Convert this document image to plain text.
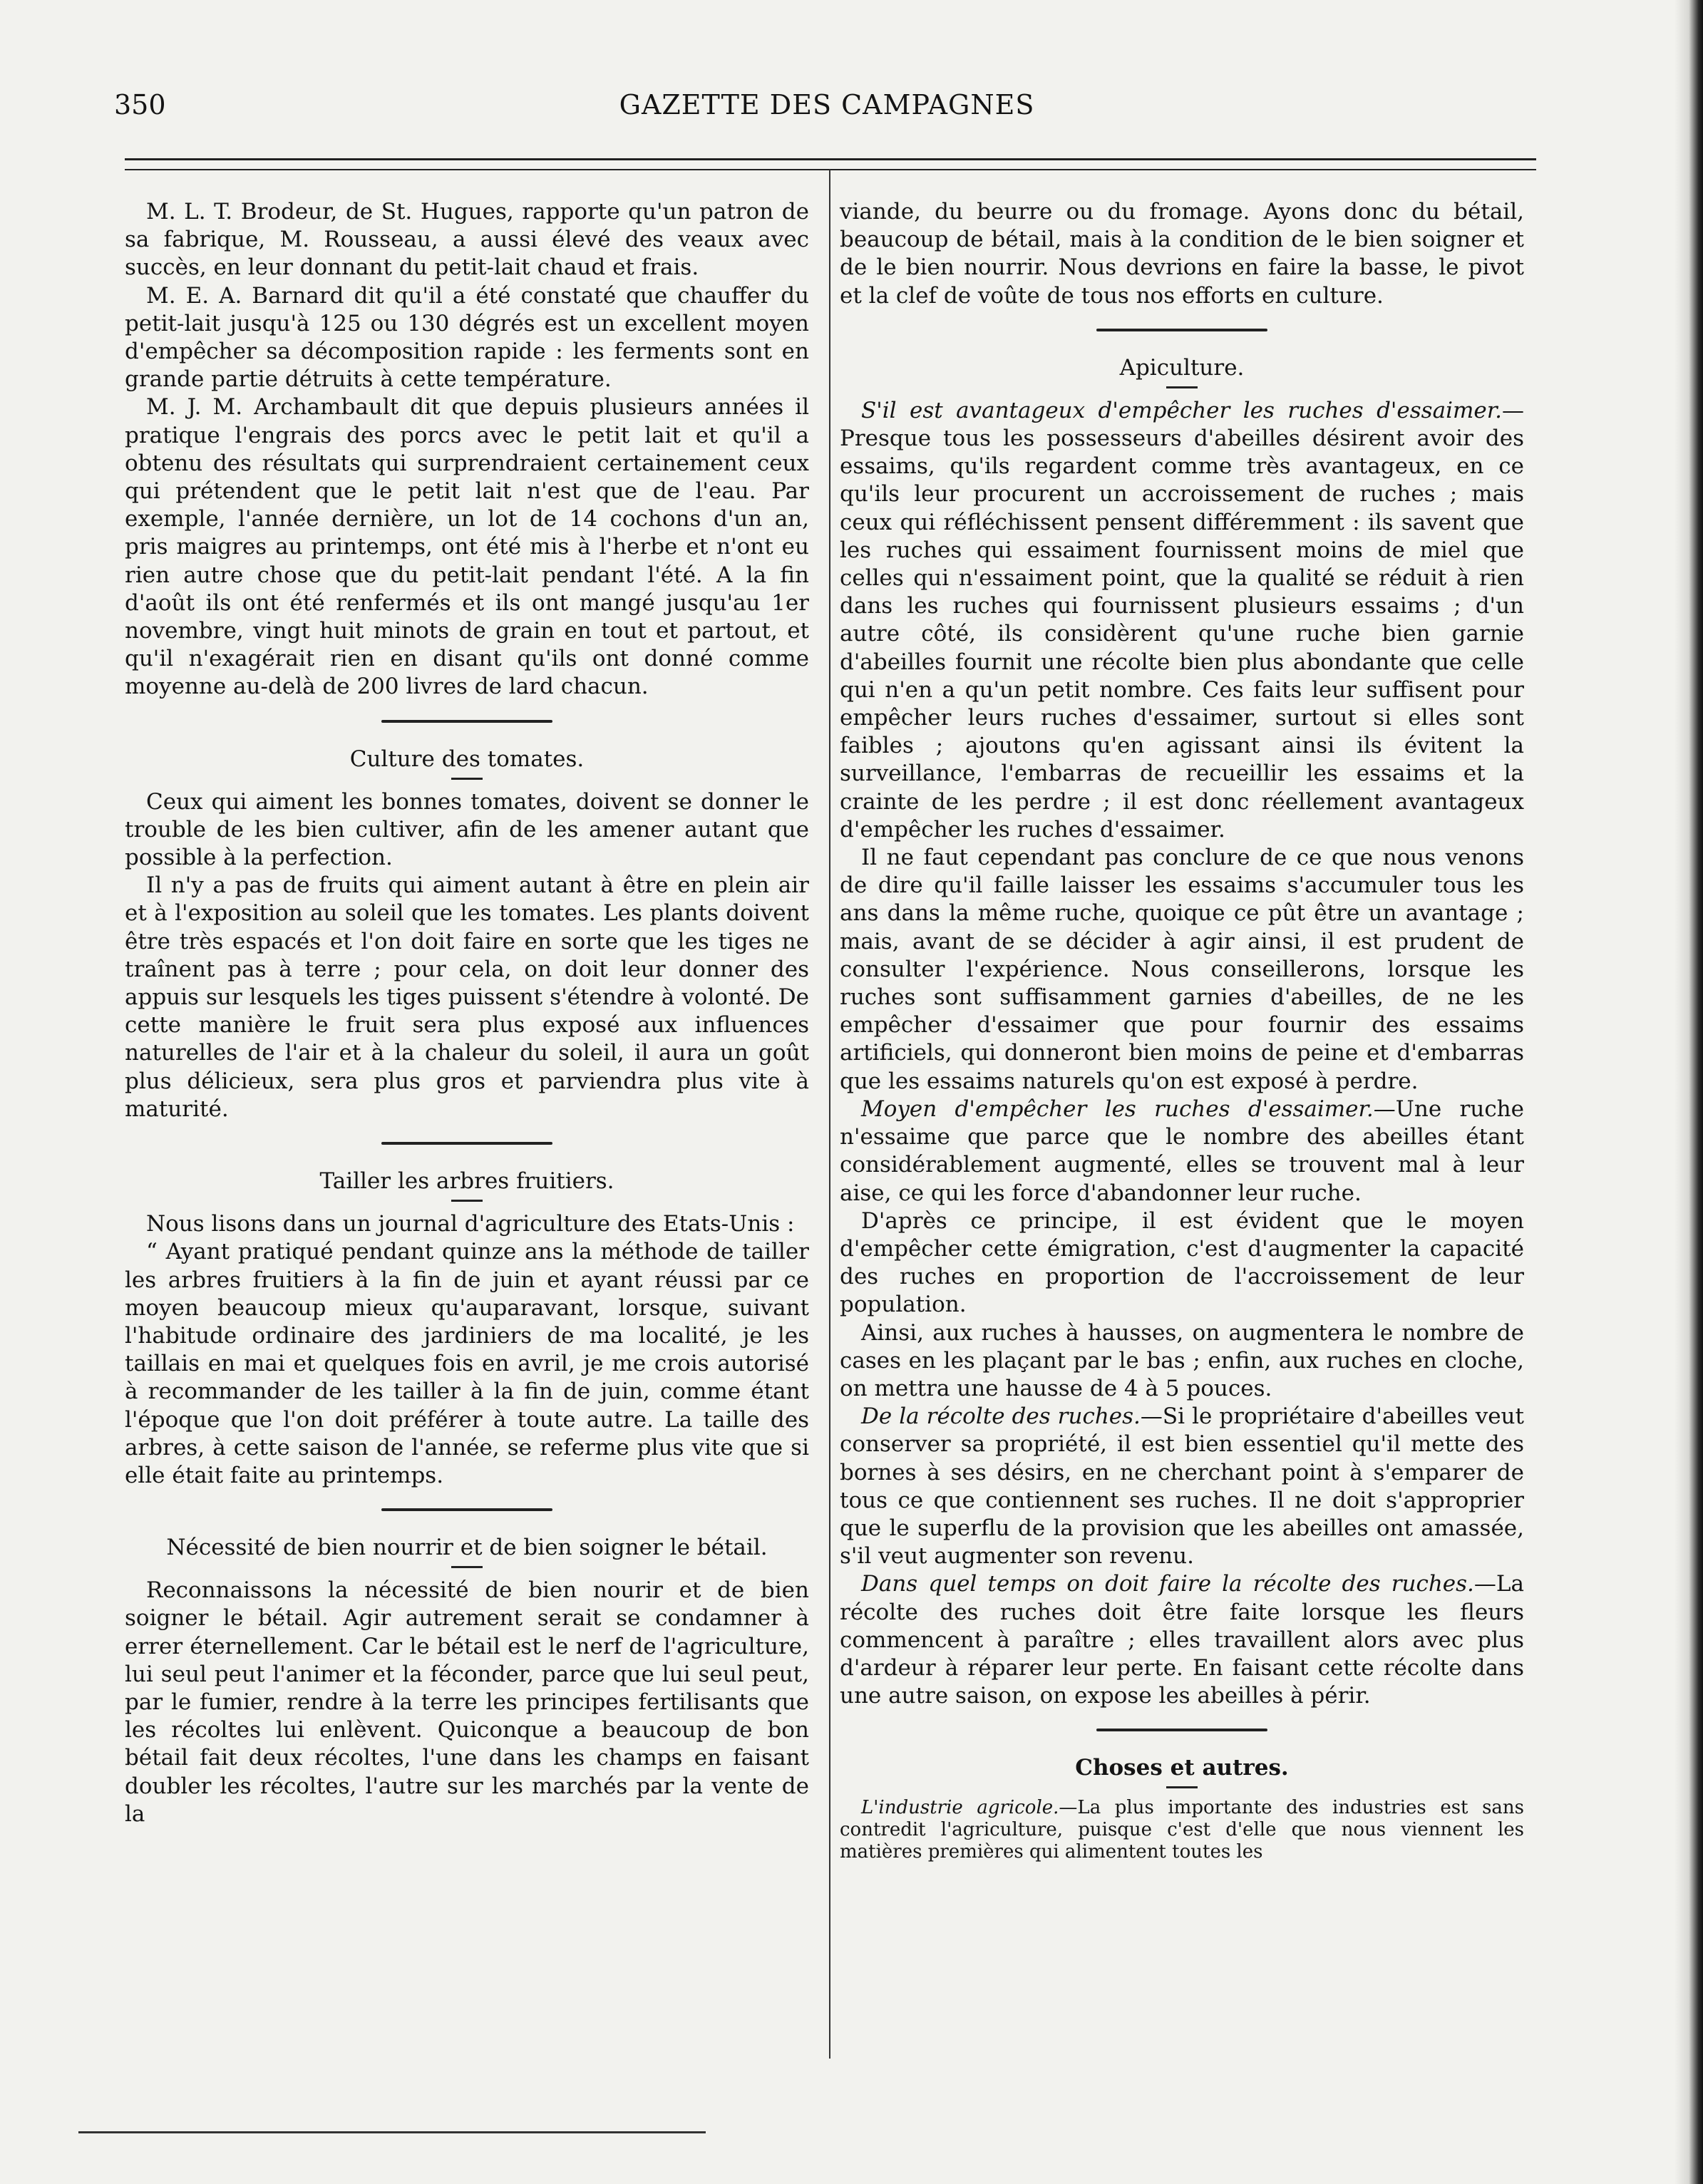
350	GAZETTE DES CAMPAGNES

M. L. T. Brodeur, de St. Hugues, rapporte qu'un patron de sa fabrique, M. Rousseau, a aussi élevé des veaux avec succès, en leur donnant du petit-lait chaud et frais.

M. E. A. Barnard dit qu'il a été constaté que chauffer du petit-lait jusqu'à 125 ou 130 dégrés est un excellent moyen d'empêcher sa décomposition rapide : les ferments sont en grande partie détruits à cette température.

M. J. M. Archambault dit que depuis plusieurs années il pratique l'engrais des porcs avec le petit lait et qu'il a obtenu des résultats qui surprendraient certainement ceux qui prétendent que le petit lait n'est que de l'eau. Par exemple, l'année dernière, un lot de 14 cochons d'un an, pris maigres au printemps, ont été mis à l'herbe et n'ont eu rien autre chose que du petit-lait pendant l'été. A la fin d'août ils ont été renfermés et ils ont mangé jusqu'au 1er novembre, vingt huit minots de grain en tout et partout, et qu'il n'exagérait rien en disant qu'ils ont donné comme moyenne au-delà de 200 livres de lard chacun.

Culture des tomates.

Ceux qui aiment les bonnes tomates, doivent se donner le trouble de les bien cultiver, afin de les amener autant que possible à la perfection.

Il n'y a pas de fruits qui aiment autant à être en plein air et à l'exposition au soleil que les tomates. Les plants doivent être très espacés et l'on doit faire en sorte que les tiges ne traînent pas à terre ; pour cela, on doit leur donner des appuis sur lesquels les tiges puissent s'étendre à volonté. De cette manière le fruit sera plus exposé aux influences naturelles de l'air et à la chaleur du soleil, il aura un goût plus délicieux, sera plus gros et parviendra plus vite à maturité.

Tailler les arbres fruitiers.

Nous lisons dans un journal d'agriculture des Etats-Unis :

“ Ayant pratiqué pendant quinze ans la méthode de tailler les arbres fruitiers à la fin de juin et ayant réussi par ce moyen beaucoup mieux qu'auparavant, lorsque, suivant l'habitude ordinaire des jardiniers de ma localité, je les taillais en mai et quelques fois en avril, je me crois autorisé à recommander de les tailler à la fin de juin, comme étant l'époque que l'on doit préférer à toute autre. La taille des arbres, à cette saison de l'année, se referme plus vite que si elle était faite au printemps.

Nécessité de bien nourrir et de bien soigner le bétail.

Reconnaissons la nécessité de bien nourir et de bien soigner le bétail. Agir autrement serait se condamner à errer éternellement. Car le bétail est le nerf de l'agriculture, lui seul peut l'animer et la féconder, parce que lui seul peut, par le fumier, rendre à la terre les principes fertilisants que les récoltes lui enlèvent. Quiconque a beaucoup de bon bétail fait deux récoltes, l'une dans les champs en faisant doubler les récoltes, l'autre sur les marchés par la vente de la

viande, du beurre ou du fromage. Ayons donc du bétail, beaucoup de bétail, mais à la condition de le bien soigner et de le bien nourrir. Nous devrions en faire la basse, le pivot et la clef de voûte de tous nos efforts en culture.

Apiculture.

S'il est avantageux d'empêcher les ruches d'essaimer.—Presque tous les possesseurs d'abeilles désirent avoir des essaims, qu'ils regardent comme très avantageux, en ce qu'ils leur procurent un accroissement de ruches ; mais ceux qui réfléchissent pensent différemment : ils savent que les ruches qui essaiment fournissent moins de miel que celles qui n'essaiment point, que la qualité se réduit à rien dans les ruches qui fournissent plusieurs essaims ; d'un autre côté, ils considèrent qu'une ruche bien garnie d'abeilles fournit une récolte bien plus abondante que celle qui n'en a qu'un petit nombre. Ces faits leur suffisent pour empêcher leurs ruches d'essaimer, surtout si elles sont faibles ; ajoutons qu'en agissant ainsi ils évitent la surveillance, l'embarras de recueillir les essaims et la crainte de les perdre ; il est donc réellement avantageux d'empêcher les ruches d'essaimer.

Il ne faut cependant pas conclure de ce que nous venons de dire qu'il faille laisser les essaims s'accumuler tous les ans dans la même ruche, quoique ce pût être un avantage ; mais, avant de se décider à agir ainsi, il est prudent de consulter l'expérience. Nous conseillerons, lorsque les ruches sont suffisamment garnies d'abeilles, de ne les empêcher d'essaimer que pour fournir des essaims artificiels, qui donneront bien moins de peine et d'embarras que les essaims naturels qu'on est exposé à perdre.

Moyen d'empêcher les ruches d'essaimer.—Une ruche n'essaime que parce que le nombre des abeilles étant considérablement augmenté, elles se trouvent mal à leur aise, ce qui les force d'abandonner leur ruche.

D'après ce principe, il est évident que le moyen d'empêcher cette émigration, c'est d'augmenter la capacité des ruches en proportion de l'accroissement de leur population.

Ainsi, aux ruches à hausses, on augmentera le nombre de cases en les plaçant par le bas ; enfin, aux ruches en cloche, on mettra une hausse de 4 à 5 pouces.

De la récolte des ruches.—Si le propriétaire d'abeilles veut conserver sa propriété, il est bien essentiel qu'il mette des bornes à ses désirs, en ne cherchant point à s'emparer de tous ce que contiennent ses ruches. Il ne doit s'approprier que le superflu de la provision que les abeilles ont amassée, s'il veut augmenter son revenu.

Dans quel temps on doit faire la récolte des ruches.—La récolte des ruches doit être faite lorsque les fleurs commencent à paraître ; elles travaillent alors avec plus d'ardeur à réparer leur perte. En faisant cette récolte dans une autre saison, on expose les abeilles à périr.

Choses et autres.

L'industrie agricole.—La plus importante des industries est sans contredit l'agriculture, puisque c'est d'elle que nous viennent les matières premières qui alimentent toutes les
